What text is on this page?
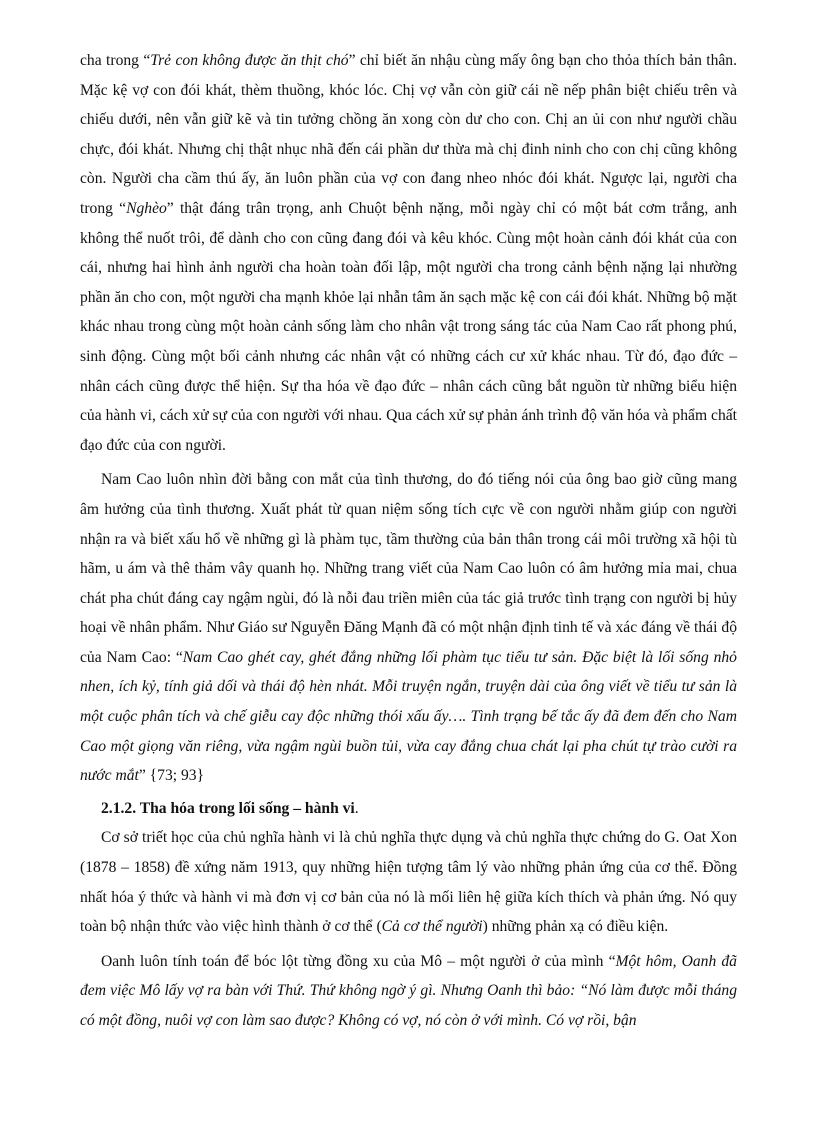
cha trong “Trẻ con không được ăn thịt chó” chỉ biết ăn nhậu cùng mấy ông bạn cho thỏa thích bản thân. Mặc kệ vợ con đói khát, thèm thuồng, khóc lóc. Chị vợ vẫn còn giữ cái nề nếp phân biệt chiếu trên và chiếu dưới, nên vẫn giữ kẽ và tin tưởng chồng ăn xong còn dư cho con. Chị an ủi con như người chầu chực, đói khát. Nhưng chị thật nhục nhã đến cái phần dư thừa mà chị đinh ninh cho con chị cũng không còn. Người cha cầm thú ấy, ăn luôn phần của vợ con đang nheo nhóc đói khát. Ngược lại, người cha trong “Nghèo” thật đáng trân trọng, anh Chuột bệnh nặng, mỗi ngày chỉ có một bát cơm trắng, anh không thể nuốt trôi, để dành cho con cũng đang đói và kêu khóc. Cùng một hoàn cảnh đói khát của con cái, nhưng hai hình ảnh người cha hoàn toàn đối lập, một người cha trong cảnh bệnh nặng lại nhường phần ăn cho con, một người cha mạnh khỏe lại nhẫn tâm ăn sạch mặc kệ con cái đói khát. Những bộ mặt khác nhau trong cùng một hoàn cảnh sống làm cho nhân vật trong sáng tác của Nam Cao rất phong phú, sinh động. Cùng một bối cảnh nhưng các nhân vật có những cách cư xử khác nhau. Từ đó, đạo đức – nhân cách cũng được thể hiện. Sự tha hóa về đạo đức – nhân cách cũng bắt nguồn từ những biểu hiện của hành vi, cách xử sự của con người với nhau. Qua cách xử sự phản ánh trình độ văn hóa và phẩm chất đạo đức của con người.

Nam Cao luôn nhìn đời bằng con mắt của tình thương, do đó tiếng nói của ông bao giờ cũng mang âm hưởng của tình thương. Xuất phát từ quan niệm sống tích cực về con người nhằm giúp con người nhận ra và biết xấu hổ về những gì là phàm tục, tầm thường của bản thân trong cái môi trường xã hội tù hãm, u ám và thê thảm vây quanh họ. Những trang viết của Nam Cao luôn có âm hưởng mỉa mai, chua chát pha chút đáng cay ngậm ngùi, đó là nỗi đau triền miên của tác giả trước tình trạng con người bị hủy hoại về nhân phẩm. Như Giáo sư Nguyễn Đăng Mạnh đã có một nhận định tinh tế và xác đáng về thái độ của Nam Cao: “Nam Cao ghét cay, ghét đắng những lối phàm tục tiểu tư sản. Đặc biệt là lối sống nhỏ nhen, ích kỷ, tính giả dối và thái độ hèn nhát. Mỗi truyện ngắn, truyện dài của ông viết về tiểu tư sản là một cuộc phân tích và chế giễu cay độc những thói xấu ấy…. Tình trạng bế tắc ấy đã đem đến cho Nam Cao một giọng văn riêng, vừa ngậm ngùi buồn tủi, vừa cay đắng chua chát lại pha chút tự trào cười ra nước mắt” {73; 93}

2.1.2. Tha hóa trong lối sống – hành vi.

Cơ sở triết học của chủ nghĩa hành vi là chủ nghĩa thực dụng và chủ nghĩa thực chứng do G. Oat Xon (1878 – 1858) đề xứng năm 1913, quy những hiện tượng tâm lý vào những phản ứng của cơ thể. Đồng nhất hóa ý thức và hành vi mà đơn vị cơ bản của nó là mối liên hệ giữa kích thích và phản ứng. Nó quy toàn bộ nhận thức vào việc hình thành ở cơ thể (Cả cơ thể người) những phản xạ có điều kiện.

Oanh luôn tính toán để bóc lột từng đồng xu của Mô – một người ở của mình “Một hôm, Oanh đã đem việc Mô lấy vợ ra bàn với Thứ. Thứ không ngờ ý gì. Nhưng Oanh thì bảo: “Nó làm được mỗi tháng có một đồng, nuôi vợ con làm sao được? Không có vợ, nó còn ở với mình. Có vợ rồi, bận
